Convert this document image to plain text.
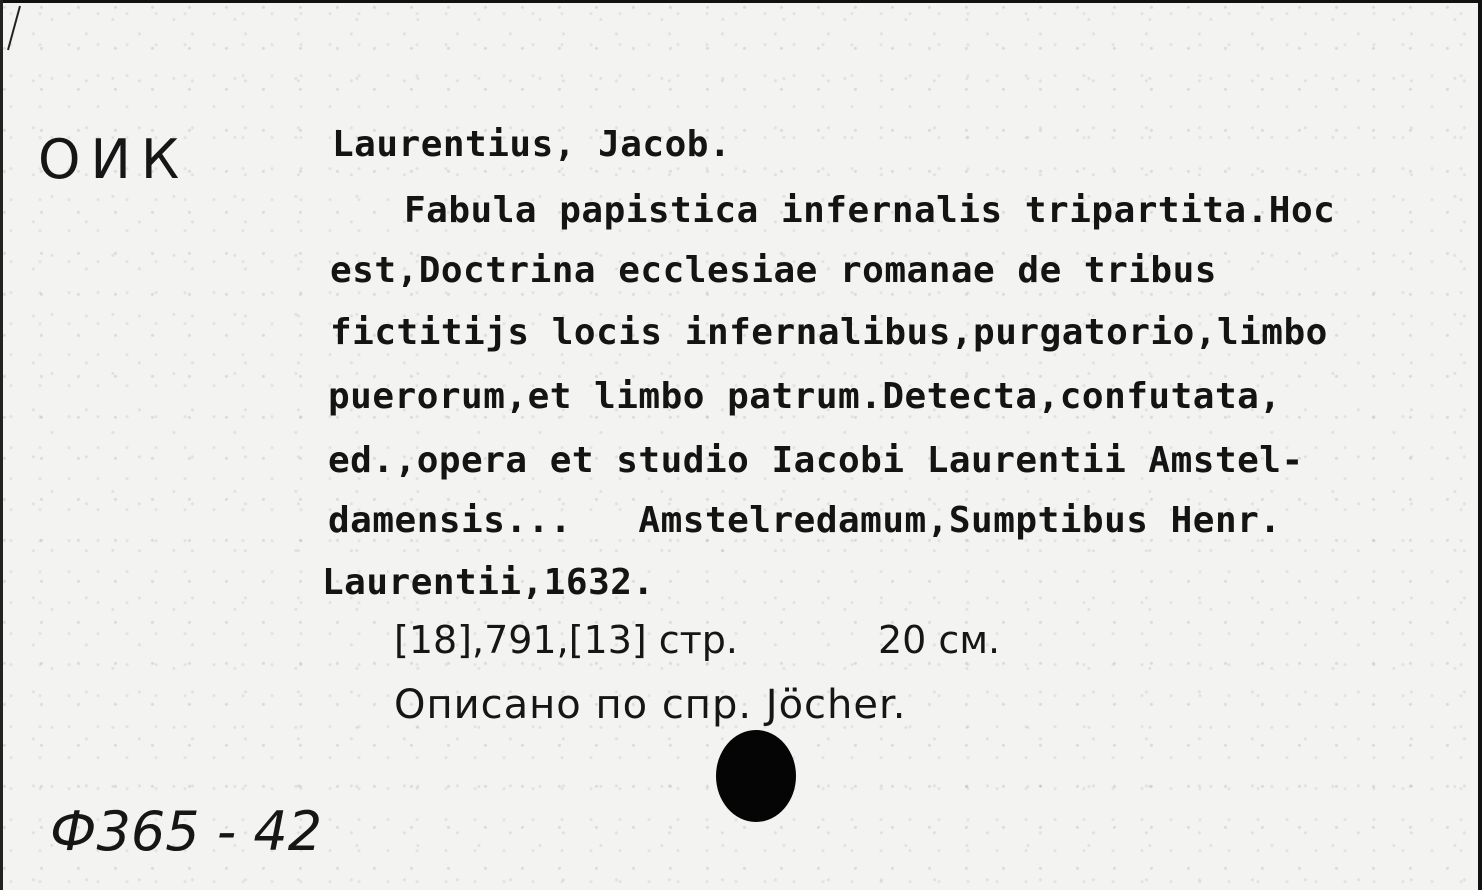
ОИК	Laurentius, Jacob.
Fabula papistica infernalis tripartita.Hoc
est,Doctrina ecclesiae romanae de tribus
fictitijs locis infernalibus,purgatorio,limbo
puerorum,et limbo patrum.Detecta,confutata,
ed.,opera et studio Iacobi Laurentii Amstel-
damensis...   Amstelredamum,Sumptibus Henr.
Laurentii,1632.
[18],791,[13] стр.	20 см.
Описано по спр. Jöcher.
Ф365 - 42
